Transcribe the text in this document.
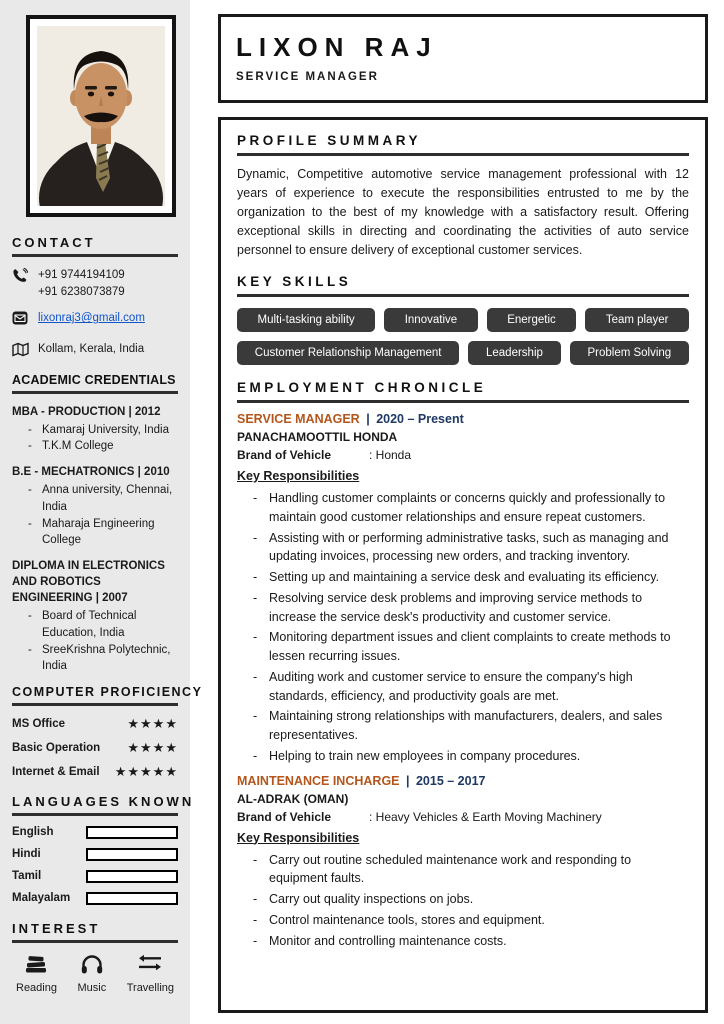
CONTACT
+91 9744194109
+91 6238073879
lixonraj3@gmail.com
Kollam, Kerala, India
ACADEMIC CREDENTIALS
MBA - PRODUCTION | 2012
-
Kamaraj University, India
-
T.K.M College
B.E - MECHATRONICS | 2010
-
Anna university, Chennai, India
-
Maharaja Engineering College
DIPLOMA IN ELECTRONICS AND ROBOTICS ENGINEERING | 2007
-
Board of Technical Education, India
-
SreeKrishna Polytechnic, India
COMPUTER PROFICIENCY
MS Office	★★★★
Basic Operation ★★★★
Internet & Email ★★★★★
LANGUAGES KNOWN
English
Hindi
Tamil
Malayalam
INTEREST
Reading Music Travelling
LIXON RAJ
SERVICE MANAGER
PROFILE SUMMARY
Dynamic, Competitive automotive service management professional with 12 years of experience to execute the responsibilities entrusted to me by the organization to the best of my knowledge with a satisfactory result. Offering exceptional skills in directing and coordinating the activities of auto service personnel to ensure delivery of exceptional customer services.
KEY SKILLS
Multi-tasking ability	Innovative	Energetic	Team player
Customer Relationship Management	Leadership	Problem Solving
EMPLOYMENT CHRONICLE
SERVICE MANAGER | 2020 – Present
PANACHAMOOTTIL HONDA
Brand of Vehicle	: Honda
Key Responsibilities
-
Handling customer complaints or concerns quickly and professionally to maintain good customer relationships and ensure repeat customers.
-
Assisting with or performing administrative tasks, such as managing and updating invoices, processing new orders, and tracking inventory.
-
Setting up and maintaining a service desk and evaluating its efficiency.
-
Resolving service desk problems and improving service methods to increase the service desk's productivity and customer service.
-
Monitoring department issues and client complaints to create methods to lessen recurring issues.
-
Auditing work and customer service to ensure the company's high standards, efficiency, and productivity goals are met.
-
Maintaining strong relationships with manufacturers, dealers, and sales representatives.
-
Helping to train new employees in company procedures.
MAINTENANCE INCHARGE | 2015 – 2017
AL-ADRAK (OMAN)
Brand of Vehicle	: Heavy Vehicles & Earth Moving Machinery
Key Responsibilities
-
Carry out routine scheduled maintenance work and responding to equipment faults.
-
Carry out quality inspections on jobs.
-
Control maintenance tools, stores and equipment.
-
Monitor and controlling maintenance costs.
